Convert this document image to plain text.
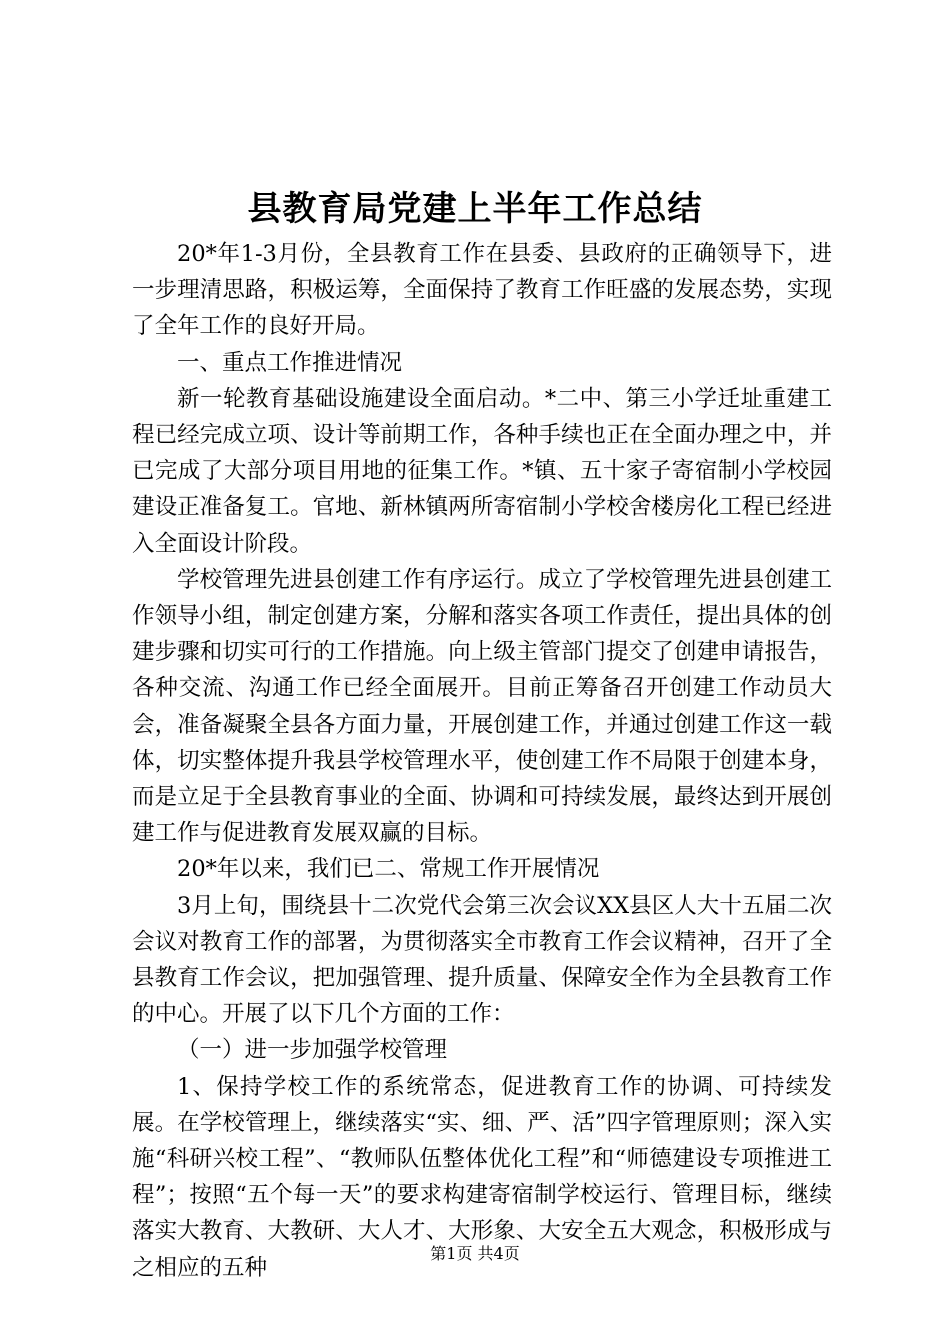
县教育局党建上半年工作总结

20*年1-3月份，全县教育工作在县委、县政府的正确领导下，进一步理清思路，积极运筹，全面保持了教育工作旺盛的发展态势，实现了全年工作的良好开局。

一、重点工作推进情况

新一轮教育基础设施建设全面启动。*二中、第三小学迁址重建工程已经完成立项、设计等前期工作，各种手续也正在全面办理之中，并已完成了大部分项目用地的征集工作。*镇、五十家子寄宿制小学校园建设正准备复工。官地、新林镇两所寄宿制小学校舍楼房化工程已经进入全面设计阶段。

学校管理先进县创建工作有序运行。成立了学校管理先进县创建工作领导小组，制定创建方案，分解和落实各项工作责任，提出具体的创建步骤和切实可行的工作措施。向上级主管部门提交了创建申请报告，各种交流、沟通工作已经全面展开。目前正筹备召开创建工作动员大会，准备凝聚全县各方面力量，开展创建工作，并通过创建工作这一载体，切实整体提升我县学校管理水平，使创建工作不局限于创建本身，而是立足于全县教育事业的全面、协调和可持续发展，最终达到开展创建工作与促进教育发展双赢的目标。

20*年以来，我们已二、常规工作开展情况

3月上旬，围绕县十二次党代会第三次会议XX县区人大十五届二次会议对教育工作的部署，为贯彻落实全市教育工作会议精神，召开了全县教育工作会议，把加强管理、提升质量、保障安全作为全县教育工作的中心。开展了以下几个方面的工作：

（一）进一步加强学校管理

1、保持学校工作的系统常态，促进教育工作的协调、可持续发展。在学校管理上，继续落实“实、细、严、活”四字管理原则；深入实施“科研兴校工程”、“教师队伍整体优化工程”和“师德建设专项推进工程”；按照“五个每一天”的要求构建寄宿制学校运行、管理目标，继续落实大教育、大教研、大人才、大形象、大安全五大观念，积极形成与之相应的五种

第1页 共4页
